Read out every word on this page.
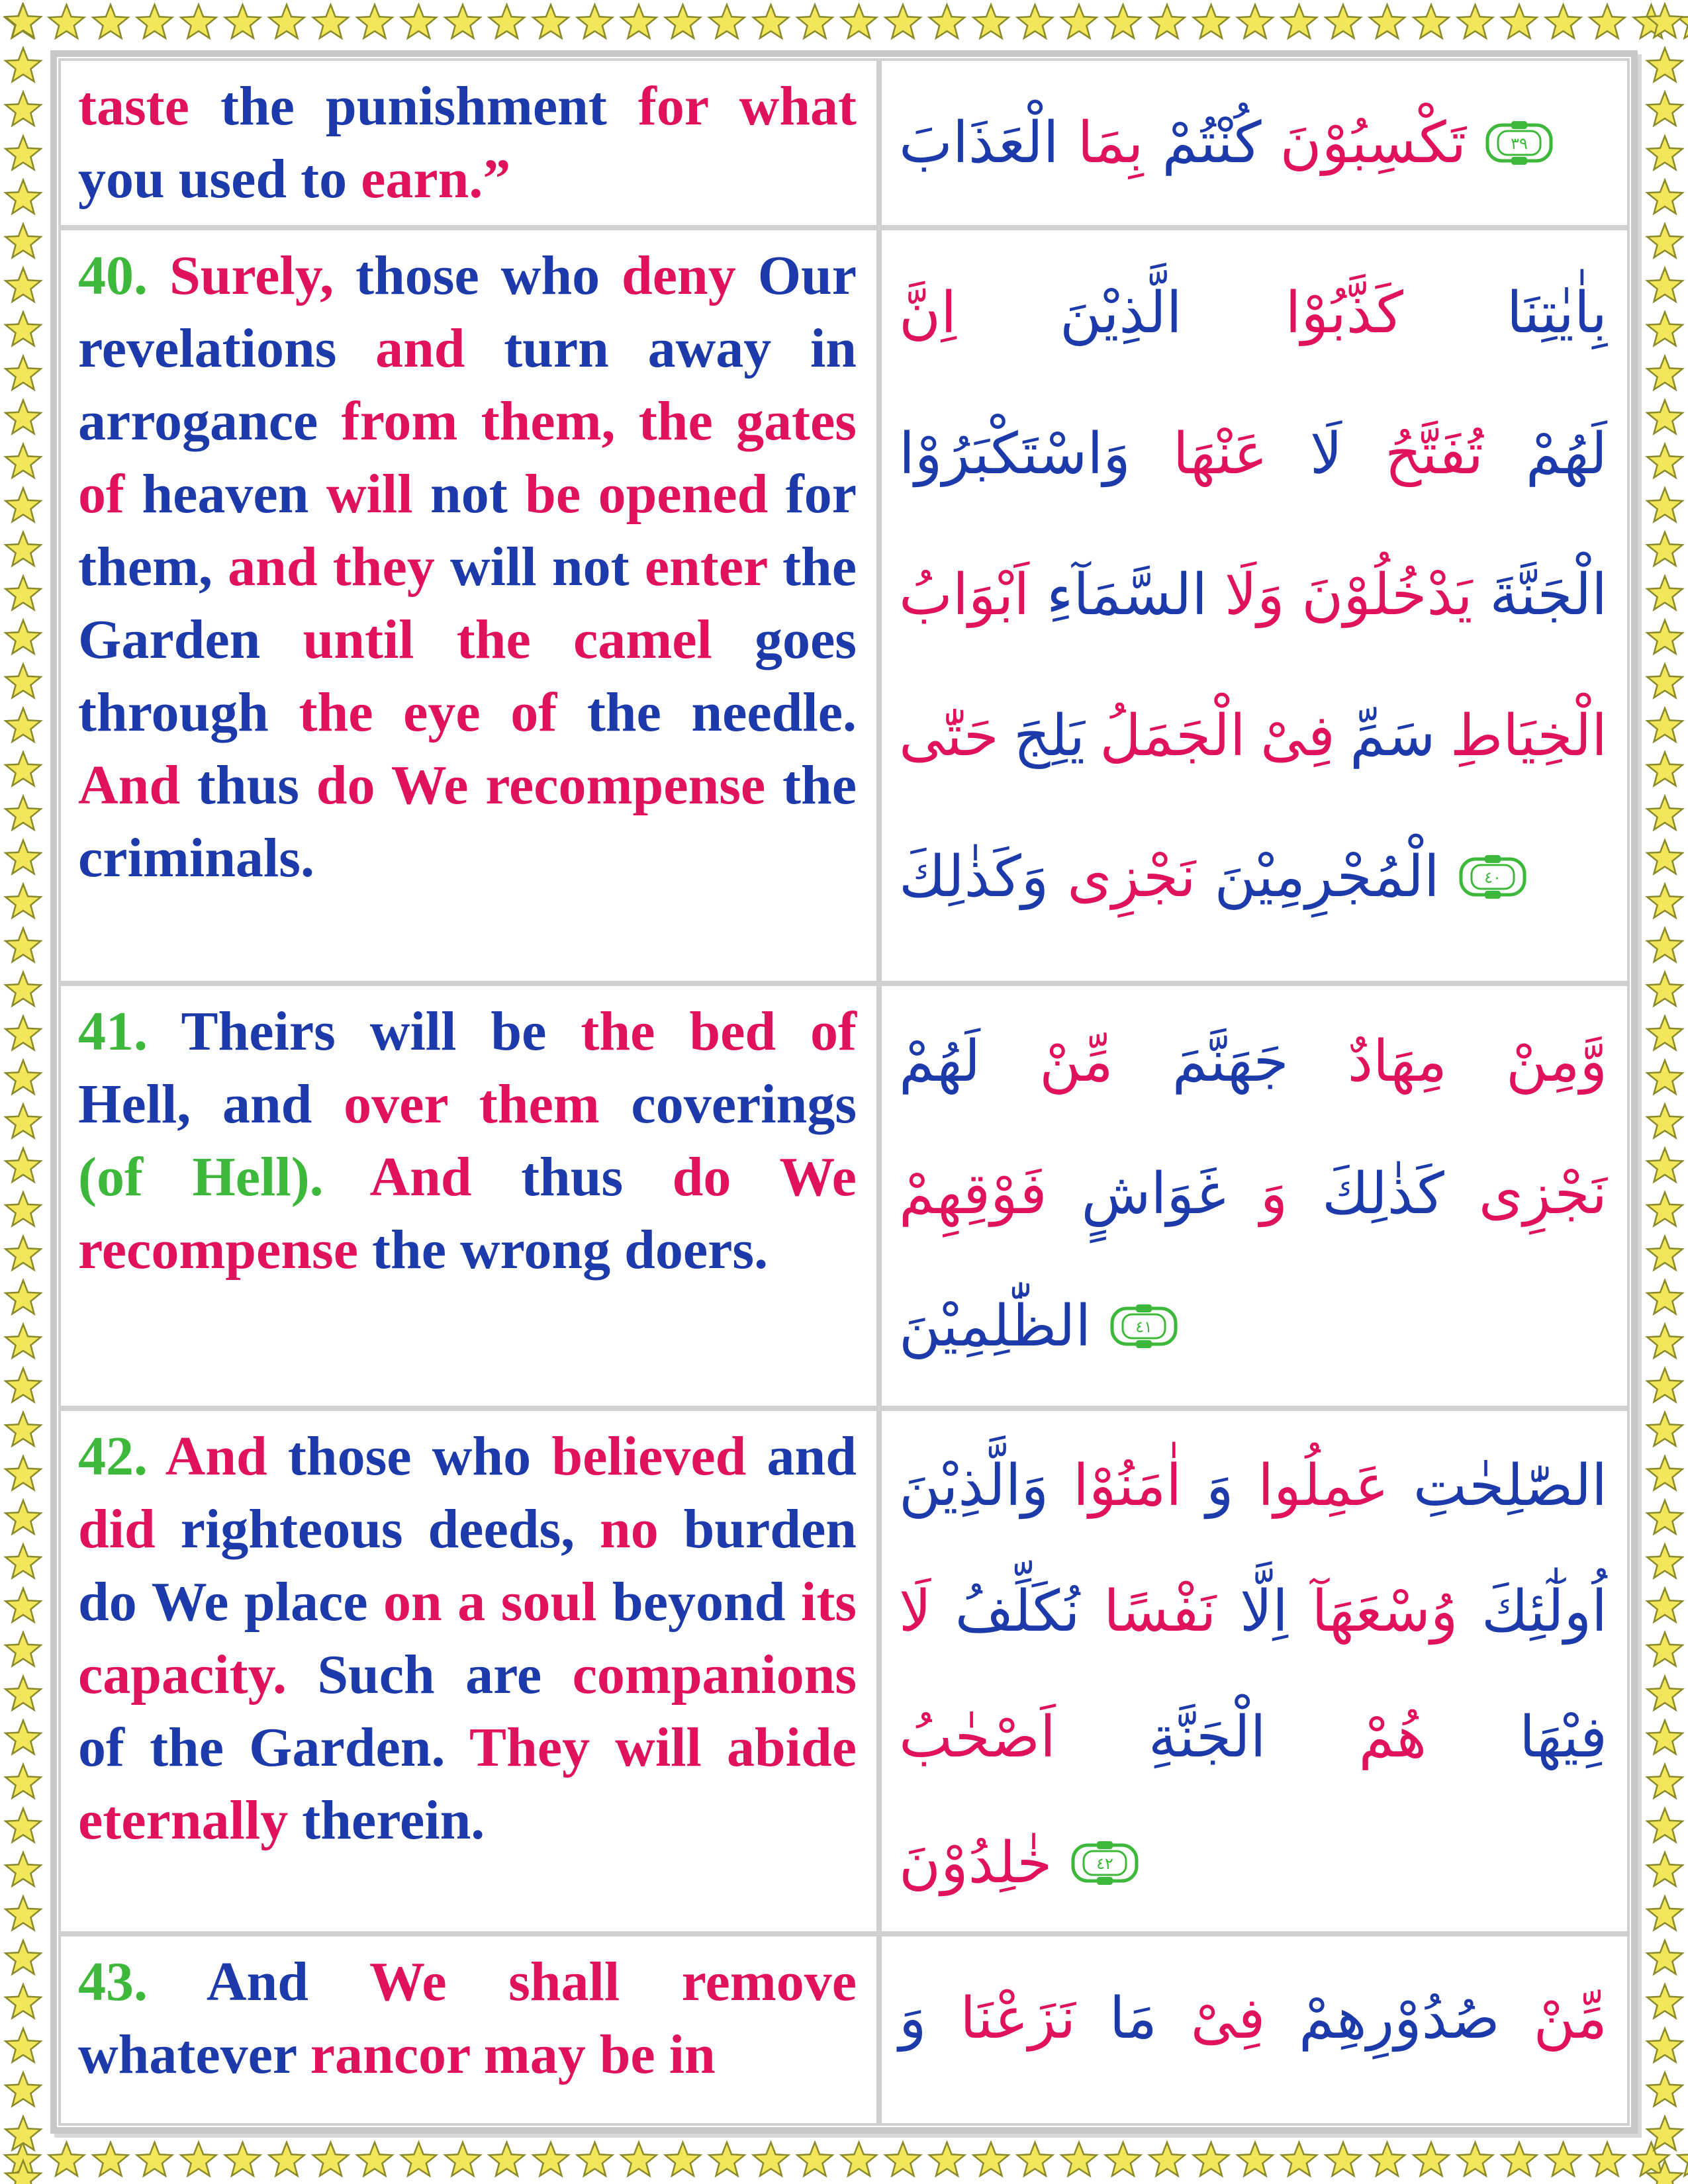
taste the punishment for what you used to earn.”
الْعَذَابَ بِمَا كُنْتُمْ تَكْسِبُوْنَ	٣٩
40. Surely, those who deny Our revelations and turn away in arrogance from them, the gates of heaven will not be opened for them, and they will not enter the Garden until the camel goes through the eye of the needle. And thus do We recompense the criminals.
اِنَّ الَّذِيْنَ كَذَّبُوْا بِاٰيٰتِنَا
وَاسْتَكْبَرُوْا عَنْهَا لَا تُفَتَّحُ لَهُمْ
اَبْوَابُ السَّمَآءِ وَلَا يَدْخُلُوْنَ الْجَنَّةَ
حَتّٰى يَلِجَ الْجَمَلُ فِىْ سَمِّ الْخِيَاطِ
وَكَذٰلِكَ نَجْزِى الْمُجْرِمِيْنَ	٤٠
41. Theirs will be the bed of Hell, and over them coverings (of Hell). And thus do We recompense the wrong doers.
لَهُمْ مِّنْ جَهَنَّمَ مِهَادٌ وَّمِنْ
فَوْقِهِمْ غَوَاشٍ وَ كَذٰلِكَ نَجْزِى
الظّٰلِمِيْنَ	٤١
42. And those who believed and did righteous deeds, no burden do We place on a soul beyond its capacity. Such are companions of the Garden. They will abide eternally therein.
وَالَّذِيْنَ اٰمَنُوْا وَ عَمِلُوا الصّٰلِحٰتِ
لَا نُكَلِّفُ نَفْسًا اِلَّا وُسْعَهَآ اُولٰٓئِكَ
اَصْحٰبُ الْجَنَّةِ هُمْ فِيْهَا
خٰلِدُوْنَ	٤٢
43. And We shall remove whatever rancor may be in
وَ نَزَعْنَا مَا فِىْ صُدُوْرِهِمْ مِّنْ
